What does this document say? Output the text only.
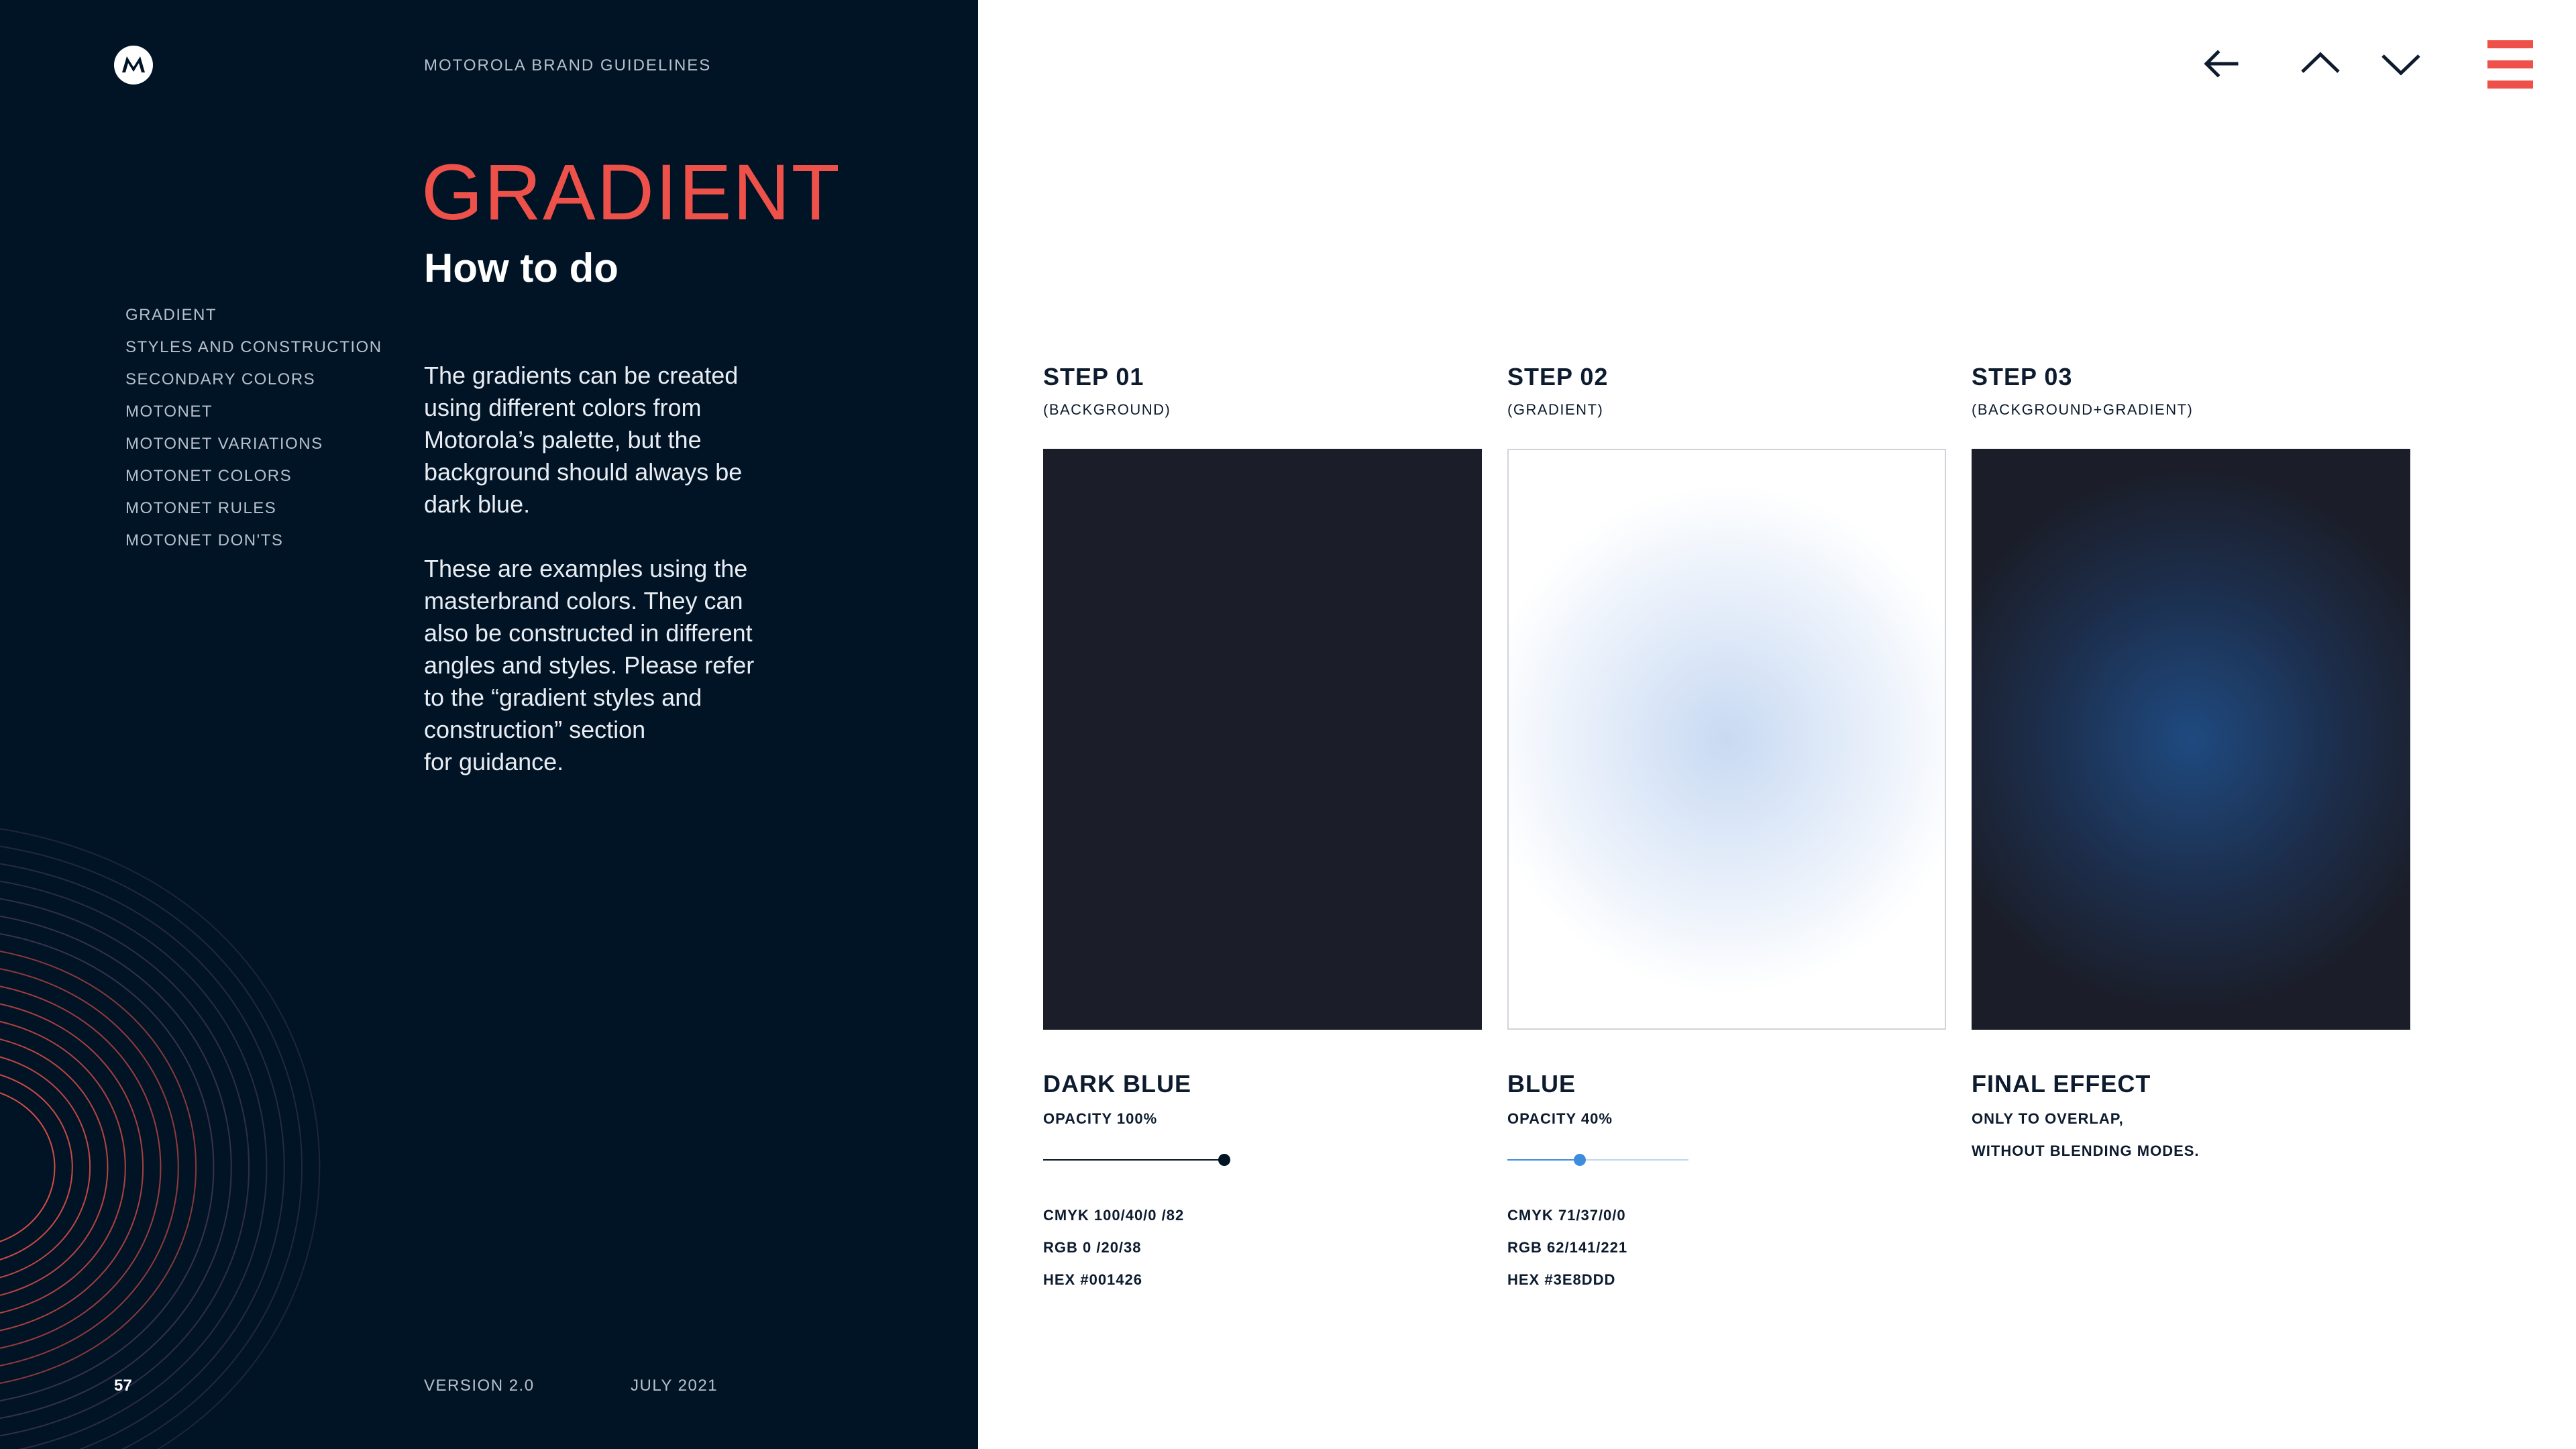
MOTOROLA BRAND GUIDELINES
GRADIENT
How to do
GRADIENT
STYLES AND CONSTRUCTION
SECONDARY COLORS
MOTONET
MOTONET VARIATIONS
MOTONET COLORS
MOTONET RULES
MOTONET DON'TS

The gradients can be created
using different colors from
Motorola’s palette, but the
background should always be
dark blue.

These are examples using the
masterbrand colors. They can
also be constructed in different
angles and styles. Please refer
to the “gradient styles and
construction” section
for guidance.

57	VERSION 2.0	JULY 2021
STEP 01
(BACKGROUND)
STEP 02
(GRADIENT)
STEP 03
(BACKGROUND+GRADIENT)
DARK BLUE
OPACITY 100%
CMYK 100/40/0 /82
RGB 0 /20/38
HEX #001426
BLUE
OPACITY 40%
CMYK 71/37/0/0
RGB 62/141/221
HEX #3E8DDD
FINAL EFFECT
ONLY TO OVERLAP,
WITHOUT BLENDING MODES.
